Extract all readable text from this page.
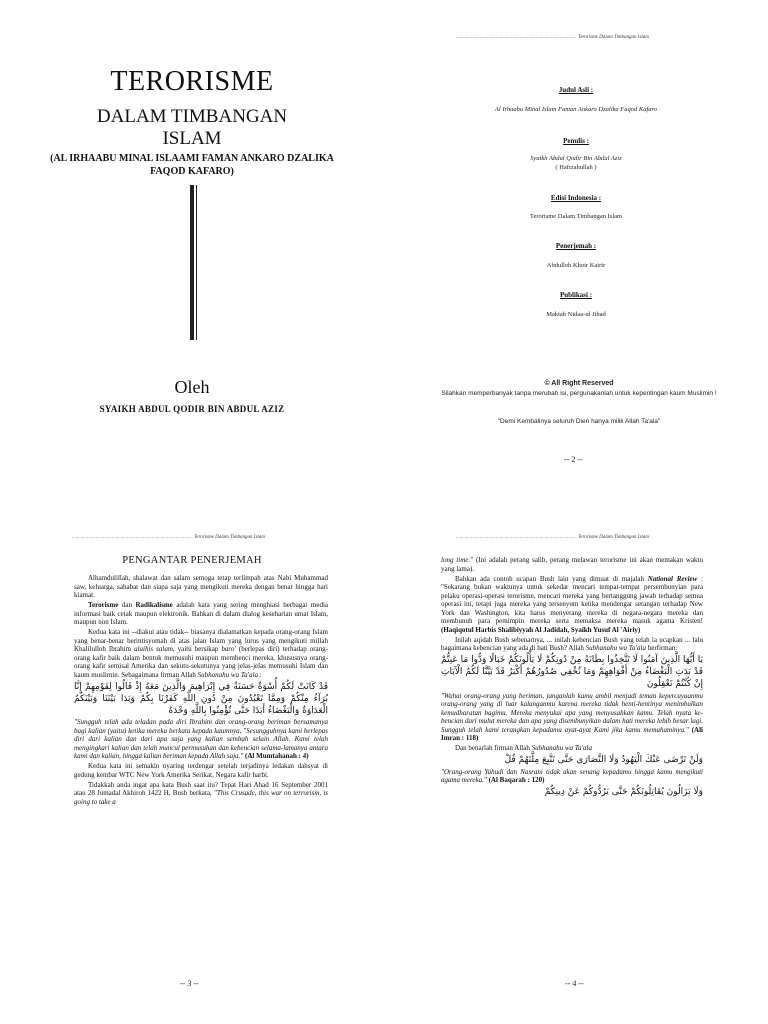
TERORISME
DALAM TIMBANGAN
ISLAM
(AL IRHAABU MINAL ISLAAMI FAMAN ANKARO DZALIKA FAQOD KAFARO)
Oleh
SYAIKH ABDUL QODIR BIN ABDUL AZIZ
..... Terorisme Dalam Timbangan Islam
Judul Asli :
Al Irhaabu Minal Islam Faman Ankaro Dzalika Faqod Kafaro
Penulis :
Syaikh Abdul Qodir Bin Abdul Aziz
( Hafizahullah )
Edisi Indonesia :
Terorisme Dalam Timbangan Islam
Penerjemah :
Abdulloh Khoir Kairir
Publikasi :
Maktab Nidaa-ul Jihad
© All Right Reserved
Silahkan memperbanyak tanpa merubah isi, pergunakanlah untuk kepentingan kaum Muslimin !
"Demi Kembalinya seluruh Dien hanya milik Allah Ta'ala"
-- 2 --
..... Terorisme Dalam Timbangan Islam
PENGANTAR PENERJEMAH

Alhamdulillah, shalawat dan salam semoga tetap terlimpah atas Nabi Muhammad saw, keluarga, sahabat dan siapa saja yang mengikuti mereka dengan benar hingga hari kiamat.

Terorisme dan Radikalisme adalah kata yang sering menghiasi berbagai media informasi baik cetak maupun elektronik. Bahkan di dalam dialog keseharian umat Islam, maupun non Islam.

Kedua kata ini --diakui atau tidak-- biasanya dialamatkan kepada orang-orang Islam yang benar-benar berintisyomah di atas jalan Islam yang lurus yang mengikuti millah Khalilulloh Ibrahim alaihis salam, yaitu bersikap baro' (berlepas diri) terhadap orang-orang kafir baik dalam bentuk memusuhi maupun membenci mereka, khususnya orang-orang kafir semisal Amerika dan sekutu-sekutunya yang jelas-jelas memusuhi Islam dan kaum muslimin. Sebagaimana firman Allah Subhanahu wa Ta'ala :

قَدْ كَانَتْ لَكُمْ أُسْوَةٌ حَسَنَةٌ فِي إِبْرَاهِيمَ وَالَّذِينَ مَعَهُ إِذْ قَالُوا لِقَوْمِهِمْ إِنَّا بُرَآءُ مِنْكُمْ وَمِمَّا تَعْبُدُونَ مِنْ دُونِ اللَّهِ كَفَرْنَا بِكُمْ وَبَدَا بَيْنَنَا وَبَيْنَكُمُ الْعَدَاوَةُ وَالْبَغْضَاءُ أَبَدًا حَتَّى تُؤْمِنُوا بِاللَّهِ وَحْدَهُ

"Sungguh telah ada teladan pada diri Ibrahim dan orang-orang beriman bersamanya bagi kalian (yaitu) ketika mereka berkata kepada kaumnya, "Sesungguhnya kami berlepas diri dari kalian dan dari apa saja yang kalian sembah selain Allah. Kami telah mengingkari kalian dan telah muncul permusuhan dan kebencian selama-lamanya antara kami dan kalian, hingga kalian beriman kepada Allah saja." (Al Mumtahanah : 4)

Kedua kata ini semakin nyaring terdengar setelah terjadinya ledakan dahsyat di gedung kembar WTC New York Amerika Serikat, Negara kafir harbi.

Tidakkah anda ingat apa kata Bush saat itu? Tepat Hari Ahad 16 September 2001 atau 28 Jumadal Akhiroh 1422 H, Bush berkata, "This Crusade, this war on terrorism, is going to take a

-- 3 --
..... Terorisme Dalam Timbangan Islam

long time." (Ini adalah perang salib, perang melawan terorisme ini akan memakan waktu yang lama).

Bahkan ada contoh ucapan Bush lain yang dimuat di majalah National Review : "Sekarang bukan waktunya untuk sekedar mencari tempat-tempat persembunyian para pelaku operasi-operasi terorisme, mencari mereka yang bertanggung jawab terhadap semua operasi ini, tetapi juga mereka yang tersenyum ketika mendengar serangan terhadap New York dan Washington, kita harus menyerang mereka di negara-negara mereka dan membunuh para pemimpin mereka serta memaksa mereka masuk agama Kristen! (Haqiqotul Harbis Shalibiyyah Al Jadidah, Syaikh Yusuf Al 'Airiy)

Inilah aqidah Bush sebenarnya, ... inilah kebencian Bush yang telah ia ucapkan ... lalu bagaimana kebencian yang ada di hati Bush? Allah Subhanahu wa Ta'ala berfirman:

يَا أَيُّهَا الَّذِينَ آمَنُوا لَا تَتَّخِذُوا بِطَانَةً مِنْ دُونِكُمْ لَا يَأْلُونَكُمْ خَبَالًا وَدُّوا مَا عَنِتُّمْ قَدْ بَدَتِ الْبَغْضَاءُ مِنْ أَفْوَاهِهِمْ وَمَا تُخْفِي صُدُورُهُمْ أَكْبَرُ قَدْ بَيَّنَّا لَكُمُ الْآيَاتِ إِنْ كُنْتُمْ تَعْقِلُونَ

"Wahai orang-orang yang beriman, janganlah kamu ambil menjadi teman kepercayaanmu orang-orang yang di luar kalanganmu karena mereka tidak henti-hentinya menimbulkan kemudharatan bagimu. Mereka menyukai apa yang menyusahkan kamu. Telah nyata ke-bencian dari mulut mereka dan apa yang disembunyikan dalam hati mereka lebih besar lagi. Sungguh telah kami terangkan kepadamu ayat-ayat Kami jika kamu memahaminya." (Ali Imran : 118)

Dan benarlah firman Allah Subhanahu wa Ta'ala

وَلَنْ تَرْضَى عَنْكَ الْيَهُودُ وَلَا النَّصَارَى حَتَّى تَتَّبِعَ مِلَّتَهُمْ قُلْ

"Orang-orang Yahudi dan Nasrani tidak akan senang kepadamu hingga kamu mengikuti agama mereka." (Al Baqarah : 120)

وَلَا يَزَالُونَ يُقَاتِلُونَكُمْ حَتَّى يَرُدُّوكُمْ عَنْ دِينِكُمْ

-- 4 --
